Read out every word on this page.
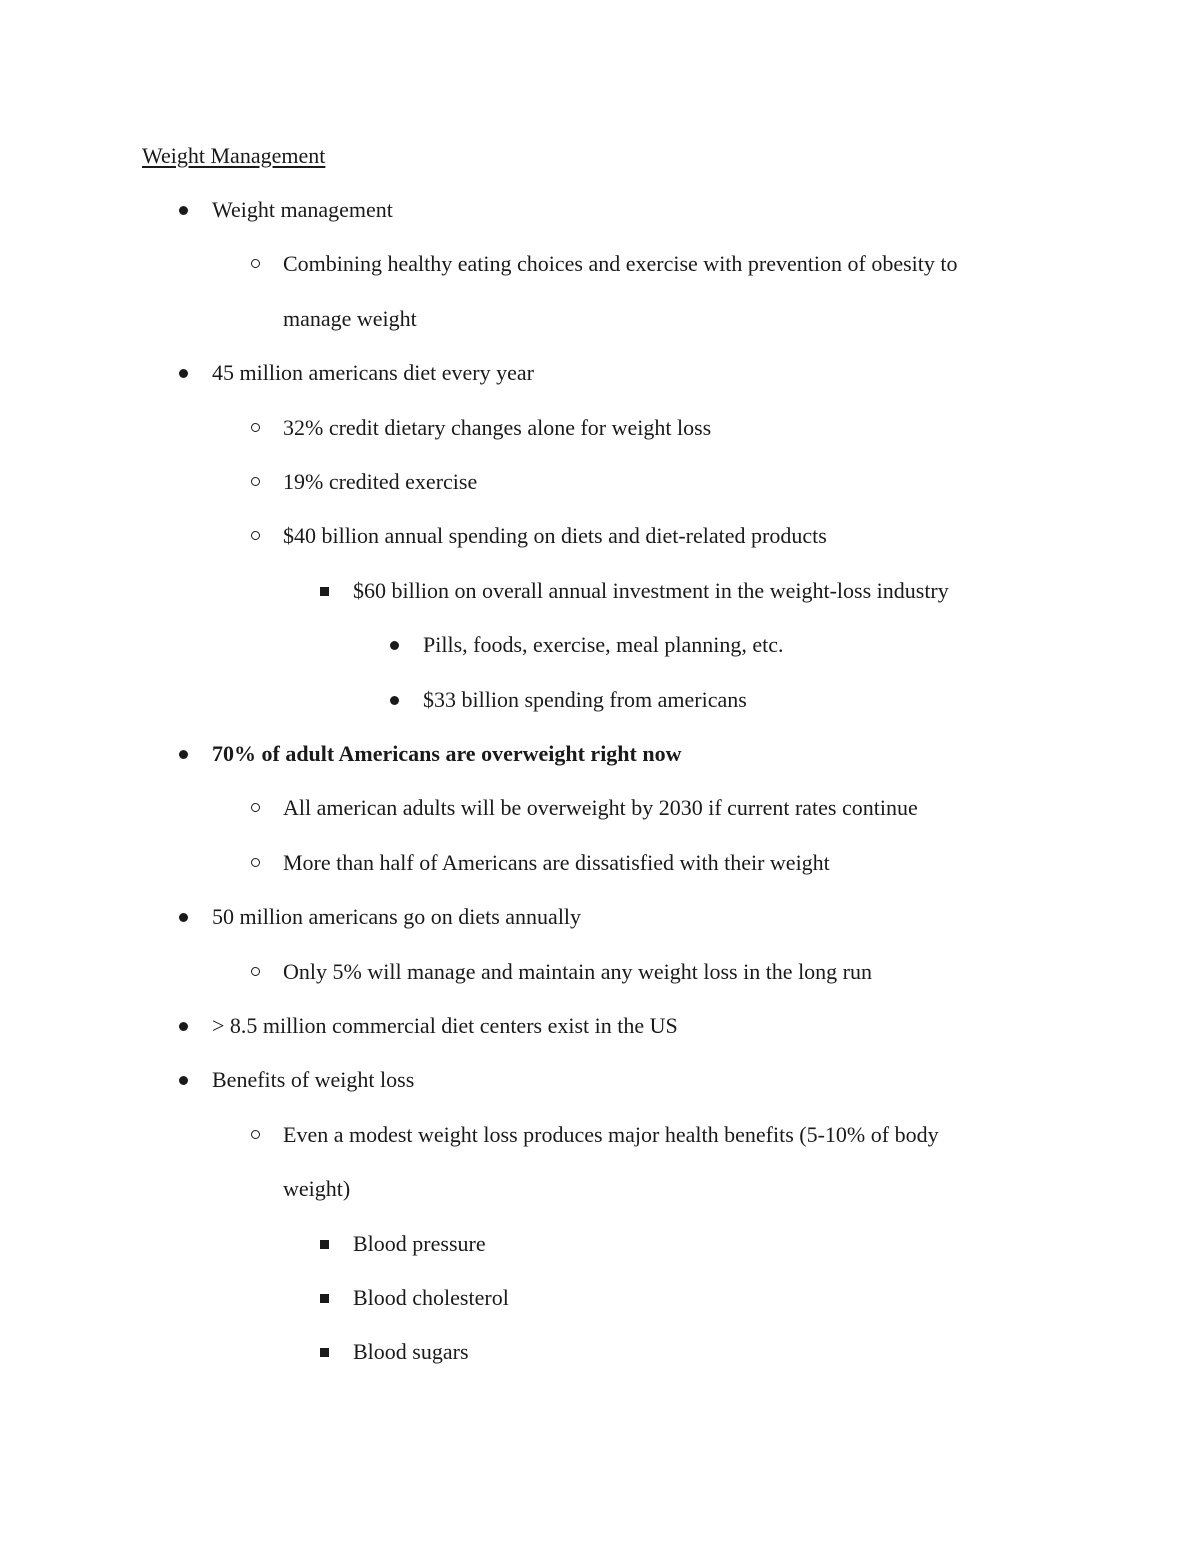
Weight Management
Weight management
Combining healthy eating choices and exercise with prevention of obesity to
manage weight
45 million americans diet every year
32% credit dietary changes alone for weight loss
19% credited exercise
$40 billion annual spending on diets and diet-related products
$60 billion on overall annual investment in the weight-loss industry
Pills, foods, exercise, meal planning, etc.
$33 billion spending from americans
70% of adult Americans are overweight right now
All american adults will be overweight by 2030 if current rates continue
More than half of Americans are dissatisfied with their weight
50 million americans go on diets annually
Only 5% will manage and maintain any weight loss in the long run
> 8.5 million commercial diet centers exist in the US
Benefits of weight loss
Even a modest weight loss produces major health benefits (5-10% of body
weight)
Blood pressure
Blood cholesterol
Blood sugars
